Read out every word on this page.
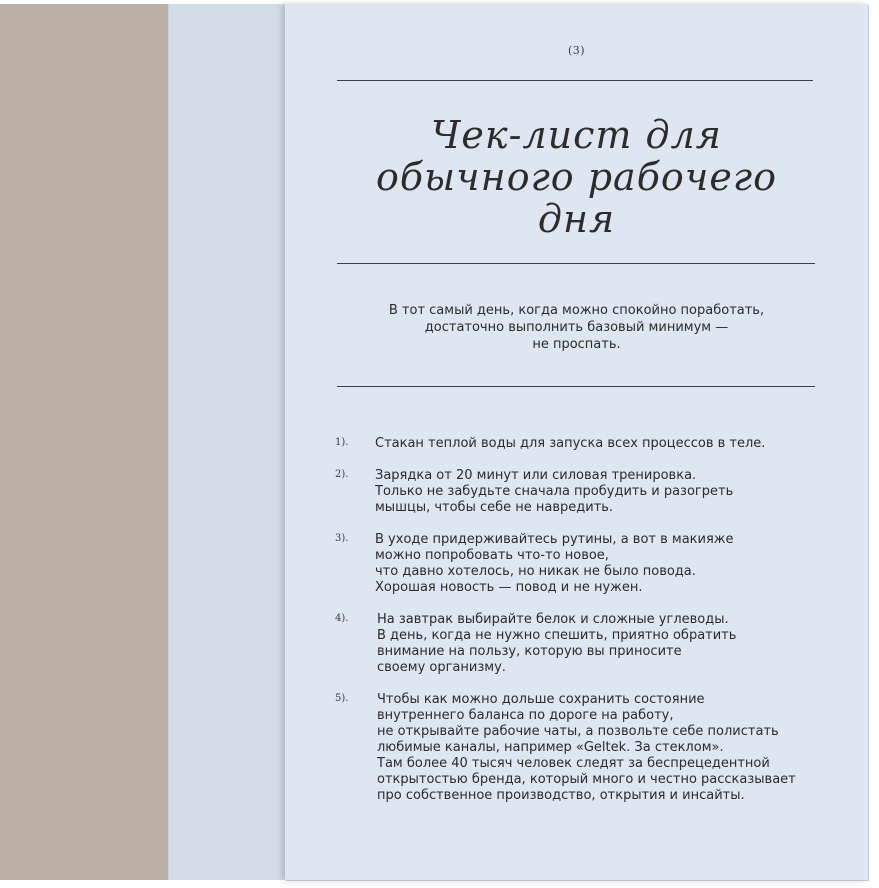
(3)
Чек-лист для
обычного рабочего
дня
В тот самый день, когда можно спокойно поработать,
достаточно выполнить базовый минимум —
не проспать.
1). Стакан теплой воды для запуска всех процессов в теле.
2). Зарядка от 20 минут или силовая тренировка.
Только не забудьте сначала пробудить и разогреть
мышцы, чтобы себе не навредить.
3). В уходе придерживайтесь рутины, а вот в макияже
можно попробовать что-то новое,
что давно хотелось, но никак не было повода.
Хорошая новость — повод и не нужен.
4). На завтрак выбирайте белок и сложные углеводы.
В день, когда не нужно спешить, приятно обратить
внимание на пользу, которую вы приносите
своему организму.
5). Чтобы как можно дольше сохранить состояние
внутреннего баланса по дороге на работу,
не открывайте рабочие чаты, а позвольте себе полистать
любимые каналы, например «Geltek. За стеклом».
Там более 40 тысяч человек следят за беспрецедентной
открытостью бренда, который много и честно рассказывает
про собственное производство, открытия и инсайты.
